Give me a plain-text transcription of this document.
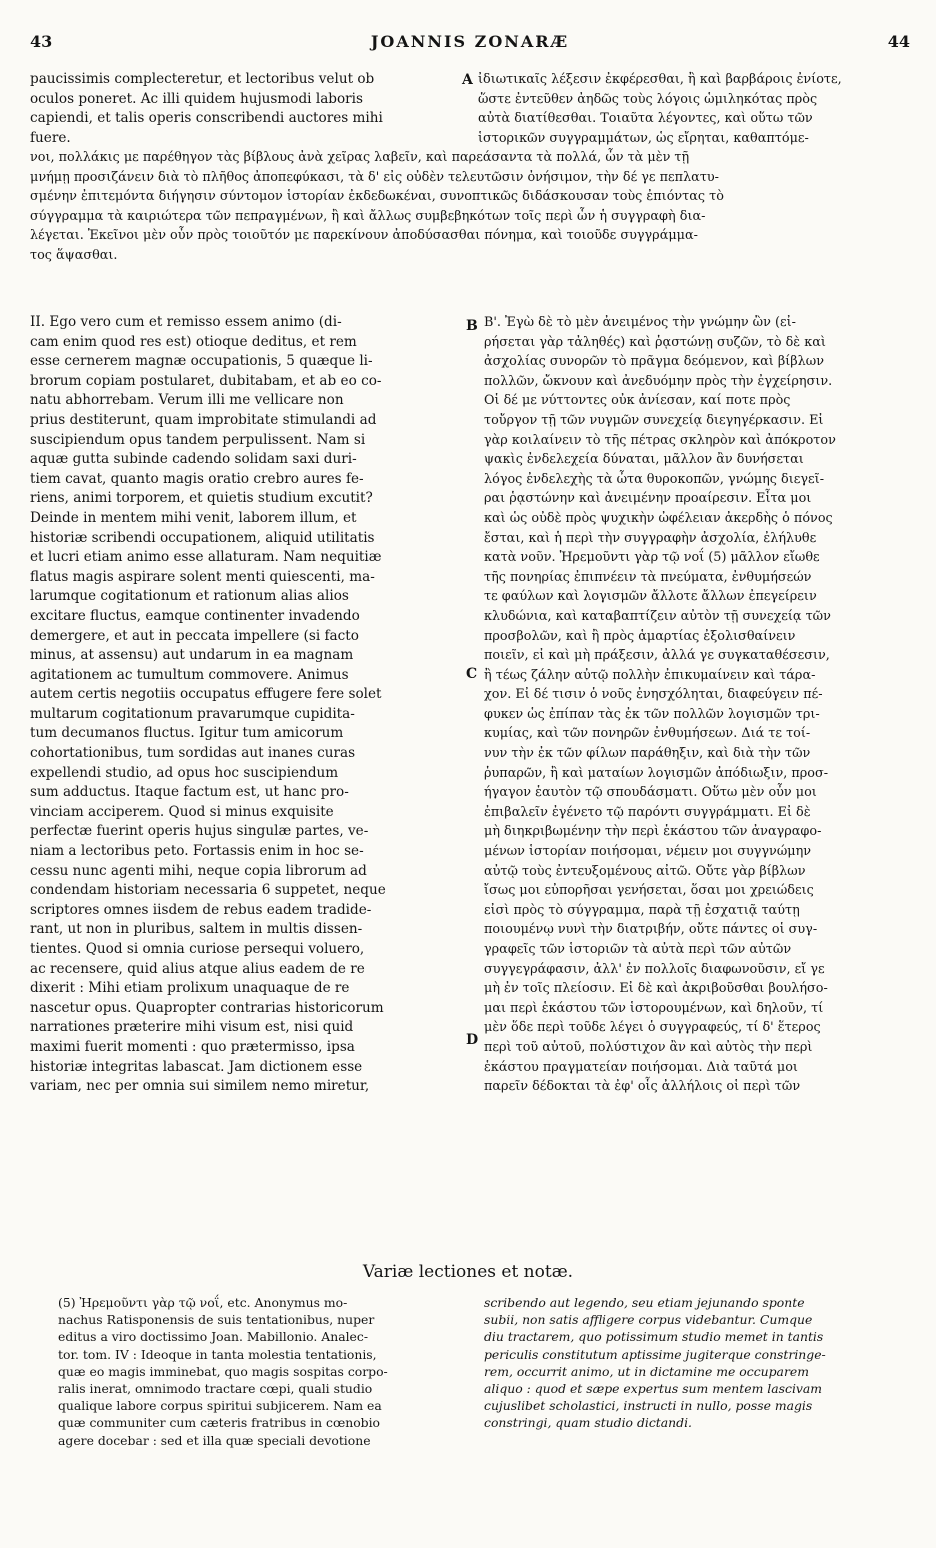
43	JOANNIS ZONARÆ	44
paucissimis complecteretur, et lectoribus velut ob
oculos poneret. Ac illi quidem hujusmodi laboris
capiendi, et talis operis conscribendi auctores mihi
fuere.
A ἰδιωτικαῖς λέξεσιν ἐκφέρεσθαι, ἢ καὶ βαρβάροις ἐνίοτε,
ὥστε ἐντεῦθεν ἀηδῶς τοὺς λόγοις ὡμιληκότας πρὸς
αὐτὰ διατίθεσθαι. Τοιαῦτα λέγοντες, καὶ οὕτω τῶν
ἱστορικῶν συγγραμμάτων, ὡς εἴρηται, καθαπτόμε-
νοι, πολλάκις με παρέθηγον τὰς βίβλους ἀνὰ χεῖρας λαβεῖν, καὶ παρεάσαντα τὰ πολλά, ὧν τὰ μὲν τῇ
μνήμῃ προσιζάνειν διὰ τὸ πλῆθος ἀποπεφύκασι, τὰ δ' εἰς οὐδὲν τελευτῶσιν ὀνήσιμον, τὴν δέ γε πεπλατυ-
σμένην ἐπιτεμόντα διήγησιν σύντομον ἱστορίαν ἐκδεδωκέναι, συνοπτικῶς διδάσκουσαν τοὺς ἐπιόντας τὸ
σύγγραμμα τὰ καιριώτερα τῶν πεπραγμένων, ἢ καὶ ἄλλως συμβεβηκότων τοῖς περὶ ὧν ἡ συγγραφὴ δια-
λέγεται. Ἐκεῖνοι μὲν οὖν πρὸς τοιοῦτόν με παρεκίνουν ἀποδύσασθαι πόνημα, καὶ τοιοῦδε συγγράμμα-
τος ἅψασθαι.
II. Ego vero cum et remisso essem animo (di-
cam enim quod res est) otioque deditus, et rem
esse cernerem magnæ occupationis, 5 quæque li-
brorum copiam postularet, dubitabam, et ab eo co-
natu abhorrebam. Verum illi me vellicare non
prius destiterunt, quam improbitate stimulandi ad
suscipiendum opus tandem perpulissent. Nam si
aquæ gutta subinde cadendo solidam saxi duri-
tiem cavat, quanto magis oratio crebro aures fe-
riens, animi torporem, et quietis studium excutit?
Deinde in mentem mihi venit, laborem illum, et
historiæ scribendi occupationem, aliquid utilitatis
et lucri etiam animo esse allaturam. Nam nequitiæ
flatus magis aspirare solent menti quiescenti, ma-
larumque cogitationum et rationum alias alios
excitare fluctus, eamque continenter invadendo
demergere, et aut in peccata impellere (si facto
minus, at assensu) aut undarum in ea magnam
agitationem ac tumultum commovere. Animus
autem certis negotiis occupatus effugere fere solet
multarum cogitationum pravarumque cupidita-
tum decumanos fluctus. Igitur tum amicorum
cohortationibus, tum sordidas aut inanes curas
expellendi studio, ad opus hoc suscipiendum
sum adductus. Itaque factum est, ut hanc pro-
vinciam acciperem. Quod si minus exquisite
perfectæ fuerint operis hujus singulæ partes, ve-
niam a lectoribus peto. Fortassis enim in hoc se-
cessu nunc agenti mihi, neque copia librorum ad
condendam historiam necessaria 6 suppetet, neque
scriptores omnes iisdem de rebus eadem tradide-
rant, ut non in pluribus, saltem in multis dissen-
tientes. Quod si omnia curiose persequi voluero,
ac recensere, quid alius atque alius eadem de re
dixerit : Mihi etiam prolixum unaquaque de re
nascetur opus. Quapropter contrarias historicorum
narrationes præterire mihi visum est, nisi quid
maximi fuerit momenti : quo prætermisso, ipsa
historiæ integritas labascat. Jam dictionem esse
variam, nec per omnia sui similem nemo miretur,
B
C
D
Β'. Ἐγὼ δὲ τὸ μὲν ἀνειμένος τὴν γνώμην ὢν (εἰ-
ρήσεται γὰρ τἀληθές) καὶ ῥᾳστώνῃ συζῶν, τὸ δὲ καὶ
ἀσχολίας συνορῶν τὸ πρᾶγμα δεόμενον, καὶ βίβλων
πολλῶν, ὤκνουν καὶ ἀνεδυόμην πρὸς τὴν ἐγχείρησιν.
Οἱ δέ με νύττοντες οὐκ ἀνίεσαν, καί ποτε πρὸς
τοὔργον τῇ τῶν νυγμῶν συνεχείᾳ διεγηγέρκασιν. Εἰ
γὰρ κοιλαίνειν τὸ τῆς πέτρας σκληρὸν καὶ ἀπόκροτον
ψακὶς ἐνδελεχεία δύναται, μᾶλλον ἂν δυνήσεται
λόγος ἐνδελεχὴς τὰ ὦτα θυροκοπῶν, γνώμης διεγεῖ-
ραι ῥᾳστώνην καὶ ἀνειμένην προαίρεσιν. Εἶτα μοι
καὶ ὡς οὐδὲ πρὸς ψυχικὴν ὠφέλειαν ἀκερδὴς ὁ πόνος
ἔσται, καὶ ἡ περὶ τὴν συγγραφὴν ἀσχολία, ἐλήλυθε
κατὰ νοῦν. Ἠρεμοῦντι γὰρ τῷ νοΐ (5) μᾶλλον εἴωθε
τῆς πονηρίας ἐπιπνέειν τὰ πνεύματα, ἐνθυμήσεών
τε φαύλων καὶ λογισμῶν ἄλλοτε ἄλλων ἐπεγείρειν
κλυδώνια, καὶ καταβαπτίζειν αὐτὸν τῇ συνεχείᾳ τῶν
προσβολῶν, καὶ ἢ πρὸς ἁμαρτίας ἐξολισθαίνειν
ποιεῖν, εἰ καὶ μὴ πράξεσιν, ἀλλά γε συγκαταθέσεσιν,
ἢ τέως ζάλην αὐτῷ πολλὴν ἐπικυμαίνειν καὶ τάρα-
χον. Εἰ δέ τισιν ὁ νοῦς ἐνησχόληται, διαφεύγειν πέ-
φυκεν ὡς ἐπίπαν τὰς ἐκ τῶν πολλῶν λογισμῶν τρι-
κυμίας, καὶ τῶν πονηρῶν ἐνθυμήσεων. Διά τε τοί-
νυν τὴν ἐκ τῶν φίλων παράθηξιν, καὶ διὰ τὴν τῶν
ῥυπαρῶν, ἢ καὶ ματαίων λογισμῶν ἀπόδιωξιν, προσ-
ήγαγον ἑαυτὸν τῷ σπουδάσματι. Οὕτω μὲν οὖν μοι
ἐπιβαλεῖν ἐγένετο τῷ παρόντι συγγράμματι. Εἰ δὲ
μὴ διηκριβωμένην τὴν περὶ ἑκάστου τῶν ἀναγραφο-
μένων ἱστορίαν ποιήσομαι, νέμειν μοι συγγνώμην
αὐτῷ τοὺς ἐντευξομένους αἰτῶ. Οὔτε γὰρ βίβλων
ἴσως μοι εὐπορῆσαι γενήσεται, ὅσαι μοι χρειώδεις
εἰσὶ πρὸς τὸ σύγγραμμα, παρὰ τῇ ἐσχατιᾷ ταύτῃ
ποιουμένῳ νυνὶ τὴν διατριβήν, οὔτε πάντες οἱ συγ-
γραφεῖς τῶν ἱστοριῶν τὰ αὐτὰ περὶ τῶν αὐτῶν
συγγεγράφασιν, ἀλλ' ἐν πολλοῖς διαφωνοῦσιν, εἴ γε
μὴ ἐν τοῖς πλείοσιν. Εἰ δὲ καὶ ἀκριβοῦσθαι βουλήσο-
μαι περὶ ἑκάστου τῶν ἱστορουμένων, καὶ δηλοῦν, τί
μὲν ὅδε περὶ τοῦδε λέγει ὁ συγγραφεύς, τί δ' ἕτερος
περὶ τοῦ αὐτοῦ, πολύστιχον ἂν καὶ αὐτὸς τὴν περὶ
ἑκάστου πραγματείαν ποιήσομαι. Διὰ ταῦτά μοι
παρεῖν δέδοκται τὰ ἐφ' οἷς ἀλλήλοις οἱ περὶ τῶν
Variæ lectiones et notæ.
(5) Ἠρεμοῦντι γὰρ τῷ νοΐ, etc. Anonymus mo-
nachus Ratisponensis de suis tentationibus, nuper
editus a viro doctissimo Joan. Mabillonio. Analec-
tor. tom. IV : Ideoque in tanta molestia tentationis,
quæ eo magis imminebat, quo magis sospitas corpo-
ralis inerat, omnimodo tractare cœpi, quali studio
qualique labore corpus spiritui subjicerem. Nam ea
quæ communiter cum cæteris fratribus in cœnobio
agere docebar : sed et illa quæ speciali devotione
scribendo aut legendo, seu etiam jejunando sponte
subii, non satis affligere corpus videbantur. Cumque
diu tractarem, quo potissimum studio memet in tantis
periculis constitutum aptissime jugiterque constringe-
rem, occurrit animo, ut in dictamine me occuparem
aliquo : quod et sæpe expertus sum mentem lascivam
cujuslibet scholastici, instructi in nullo, posse magis
constringi, quam studio dictandi.
